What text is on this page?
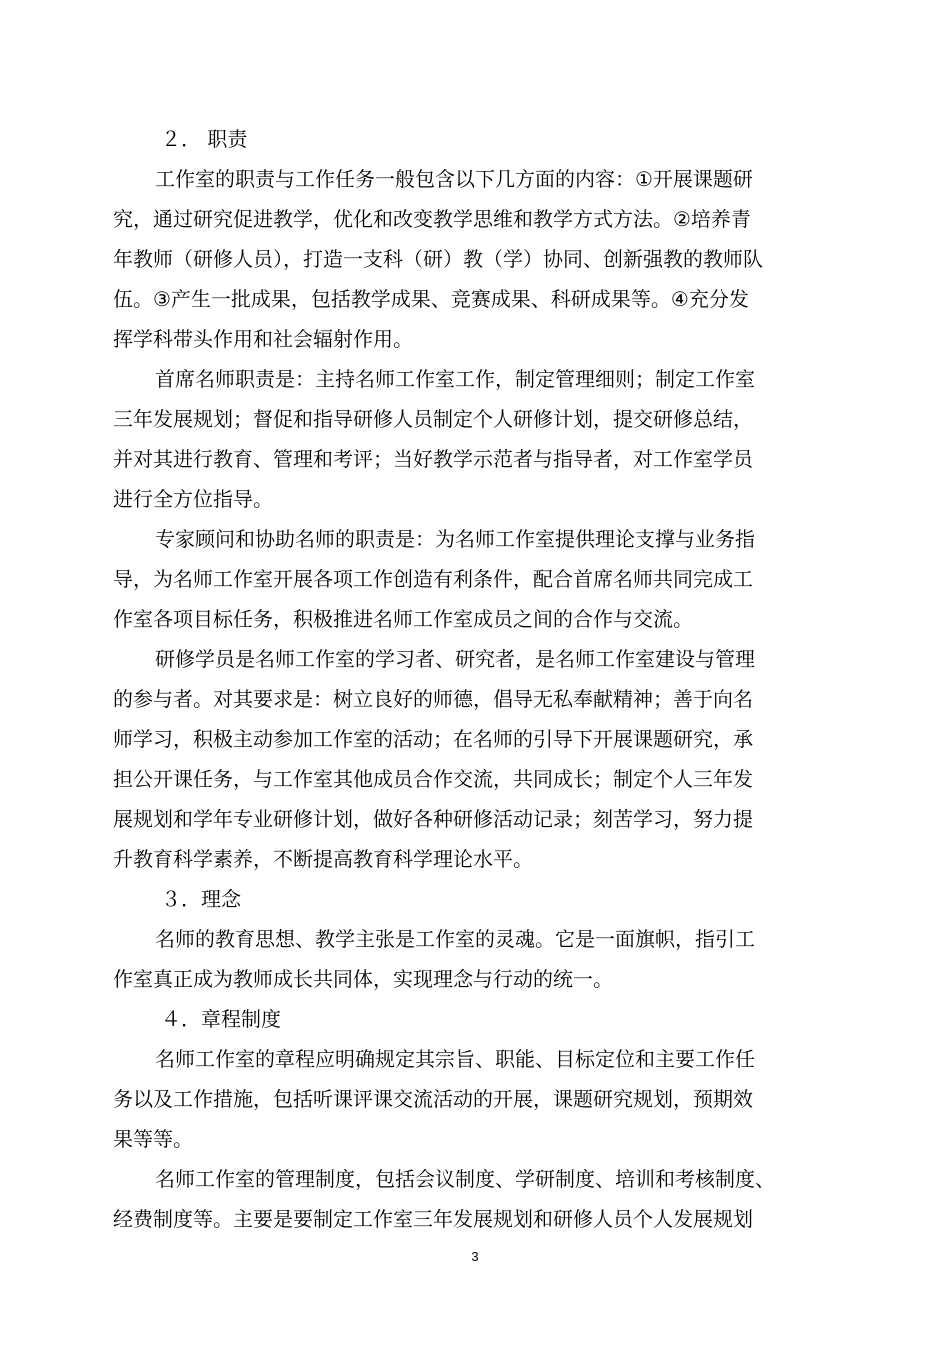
２． 职责
工作室的职责与工作任务一般包含以下几方面的内容：①开展课题研
究，通过研究促进教学，优化和改变教学思维和教学方式方法。②培养青
年教师（研修人员），打造一支科（研）教（学）协同、创新强教的教师队
伍。③产生一批成果，包括教学成果、竞赛成果、科研成果等。④充分发
挥学科带头作用和社会辐射作用。
首席名师职责是：主持名师工作室工作，制定管理细则；制定工作室
三年发展规划；督促和指导研修人员制定个人研修计划，提交研修总结，
并对其进行教育、管理和考评；当好教学示范者与指导者，对工作室学员
进行全方位指导。
专家顾问和协助名师的职责是：为名师工作室提供理论支撑与业务指
导，为名师工作室开展各项工作创造有利条件，配合首席名师共同完成工
作室各项目标任务，积极推进名师工作室成员之间的合作与交流。
研修学员是名师工作室的学习者、研究者，是名师工作室建设与管理
的参与者。对其要求是：树立良好的师德，倡导无私奉献精神；善于向名
师学习，积极主动参加工作室的活动；在名师的引导下开展课题研究，承
担公开课任务，与工作室其他成员合作交流，共同成长；制定个人三年发
展规划和学年专业研修计划，做好各种研修活动记录；刻苦学习，努力提
升教育科学素养，不断提高教育科学理论水平。
３．理念
名师的教育思想、教学主张是工作室的灵魂。它是一面旗帜，指引工
作室真正成为教师成长共同体，实现理念与行动的统一。
４．章程制度
名师工作室的章程应明确规定其宗旨、职能、目标定位和主要工作任
务以及工作措施，包括听课评课交流活动的开展，课题研究规划，预期效
果等等。
名师工作室的管理制度，包括会议制度、学研制度、培训和考核制度、
经费制度等。主要是要制定工作室三年发展规划和研修人员个人发展规划
3
